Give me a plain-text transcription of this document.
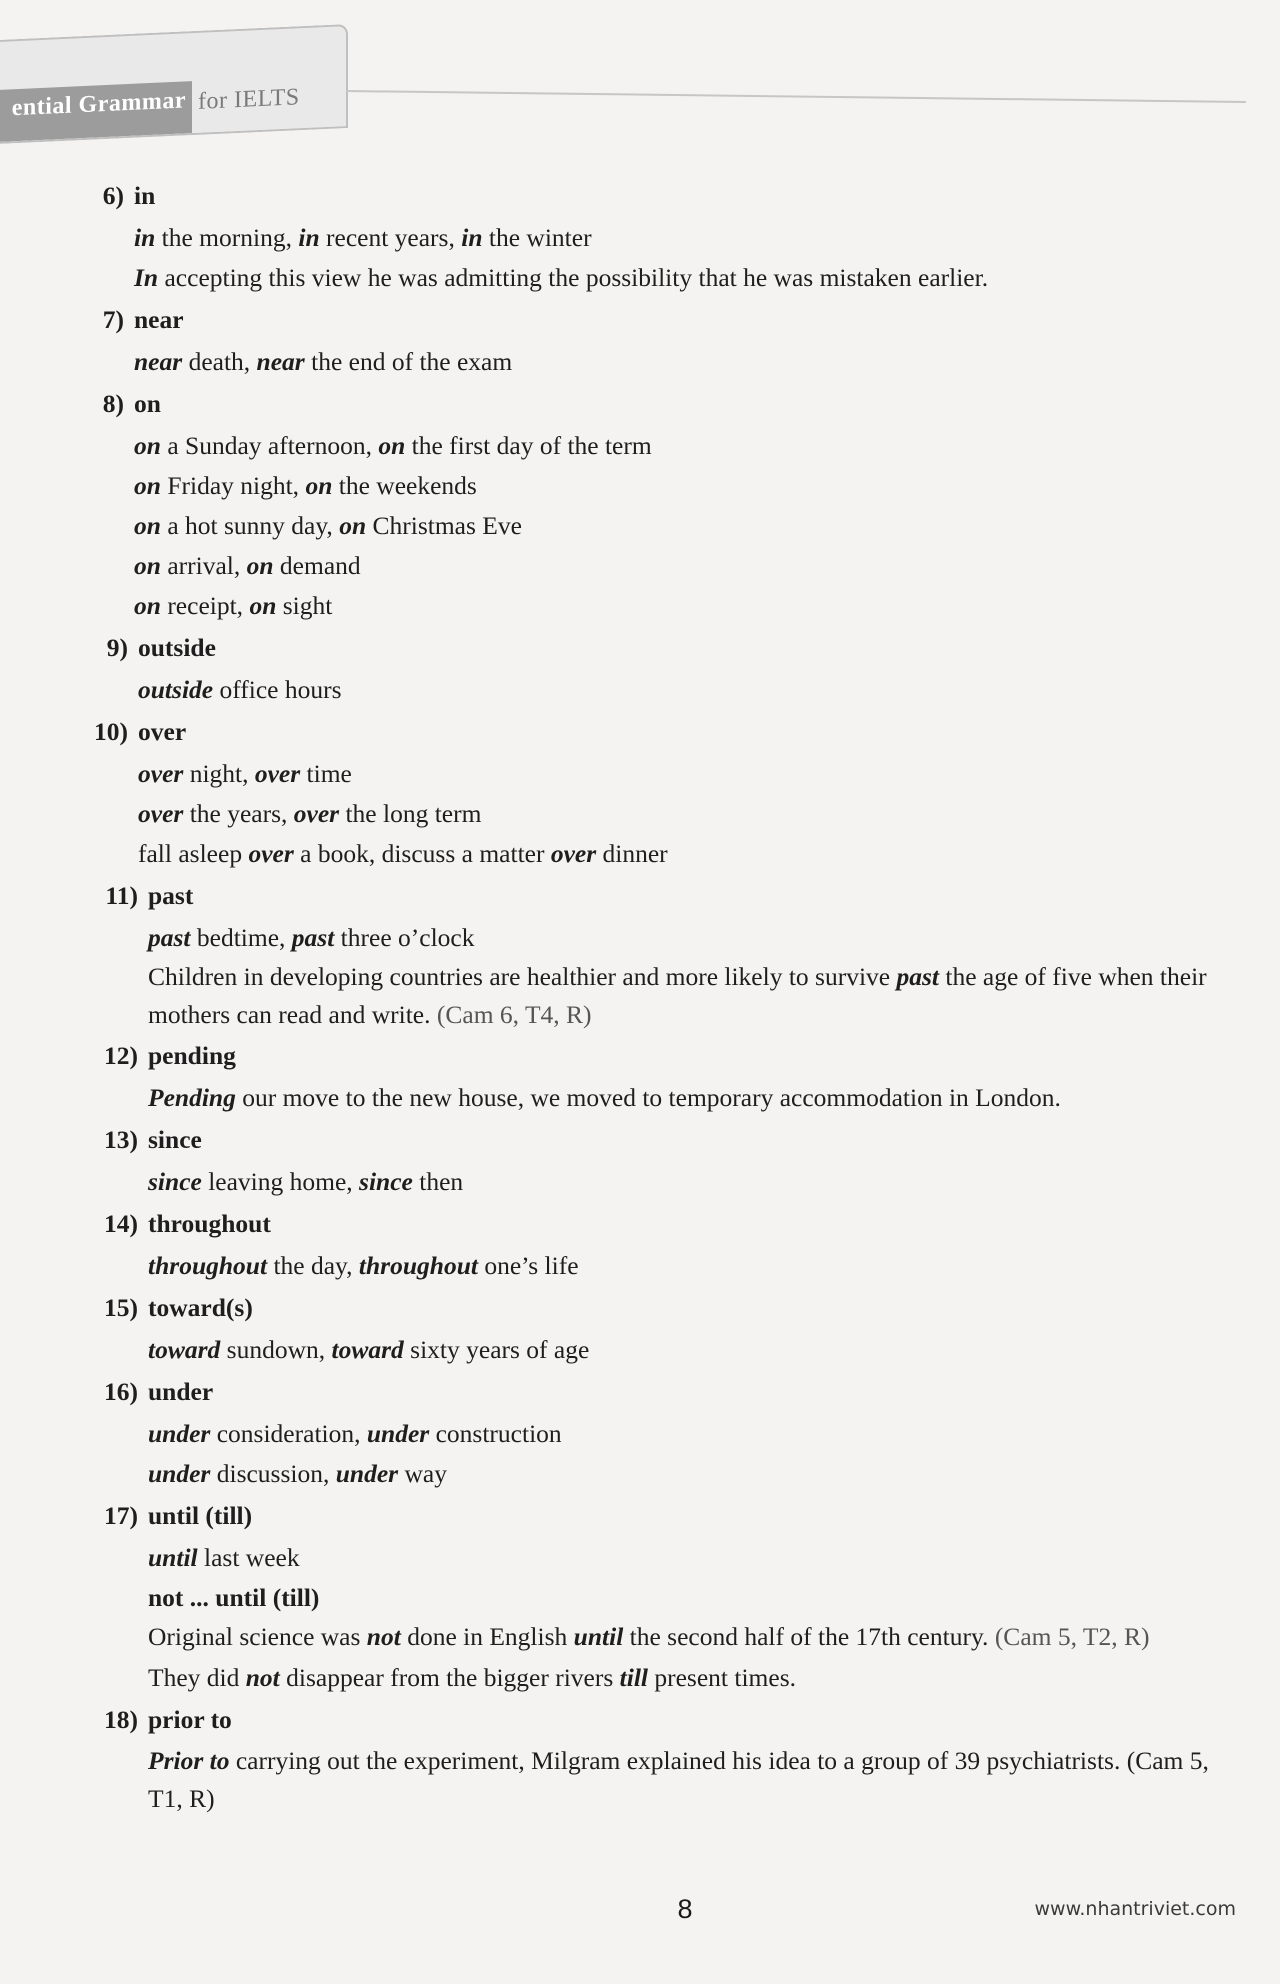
ential Grammar for IELTS
6) in
in the morning, in recent years, in the winter
In accepting this view he was admitting the possibility that he was mistaken earlier.
7) near
near death, near the end of the exam
8) on
on a Sunday afternoon, on the first day of the term
on Friday night, on the weekends
on a hot sunny day, on Christmas Eve
on arrival, on demand
on receipt, on sight
9) outside
outside office hours
10) over
over night, over time
over the years, over the long term
fall asleep over a book, discuss a matter over dinner
11) past
past bedtime, past three o’clock
Children in developing countries are healthier and more likely to survive past the age of five when their mothers can read and write. (Cam 6, T4, R)
12) pending
Pending our move to the new house, we moved to temporary accommodation in London.
13) since
since leaving home, since then
14) throughout
throughout the day, throughout one’s life
15) toward(s)
toward sundown, toward sixty years of age
16) under
under consideration, under construction
under discussion, under way
17) until (till)
until last week
not ... until (till)
Original science was not done in English until the second half of the 17th century. (Cam 5, T2, R)
They did not disappear from the bigger rivers till present times.
18) prior to
Prior to carrying out the experiment, Milgram explained his idea to a group of 39 psychiatrists. (Cam 5, T1, R)
8	www.nhantriviet.com
